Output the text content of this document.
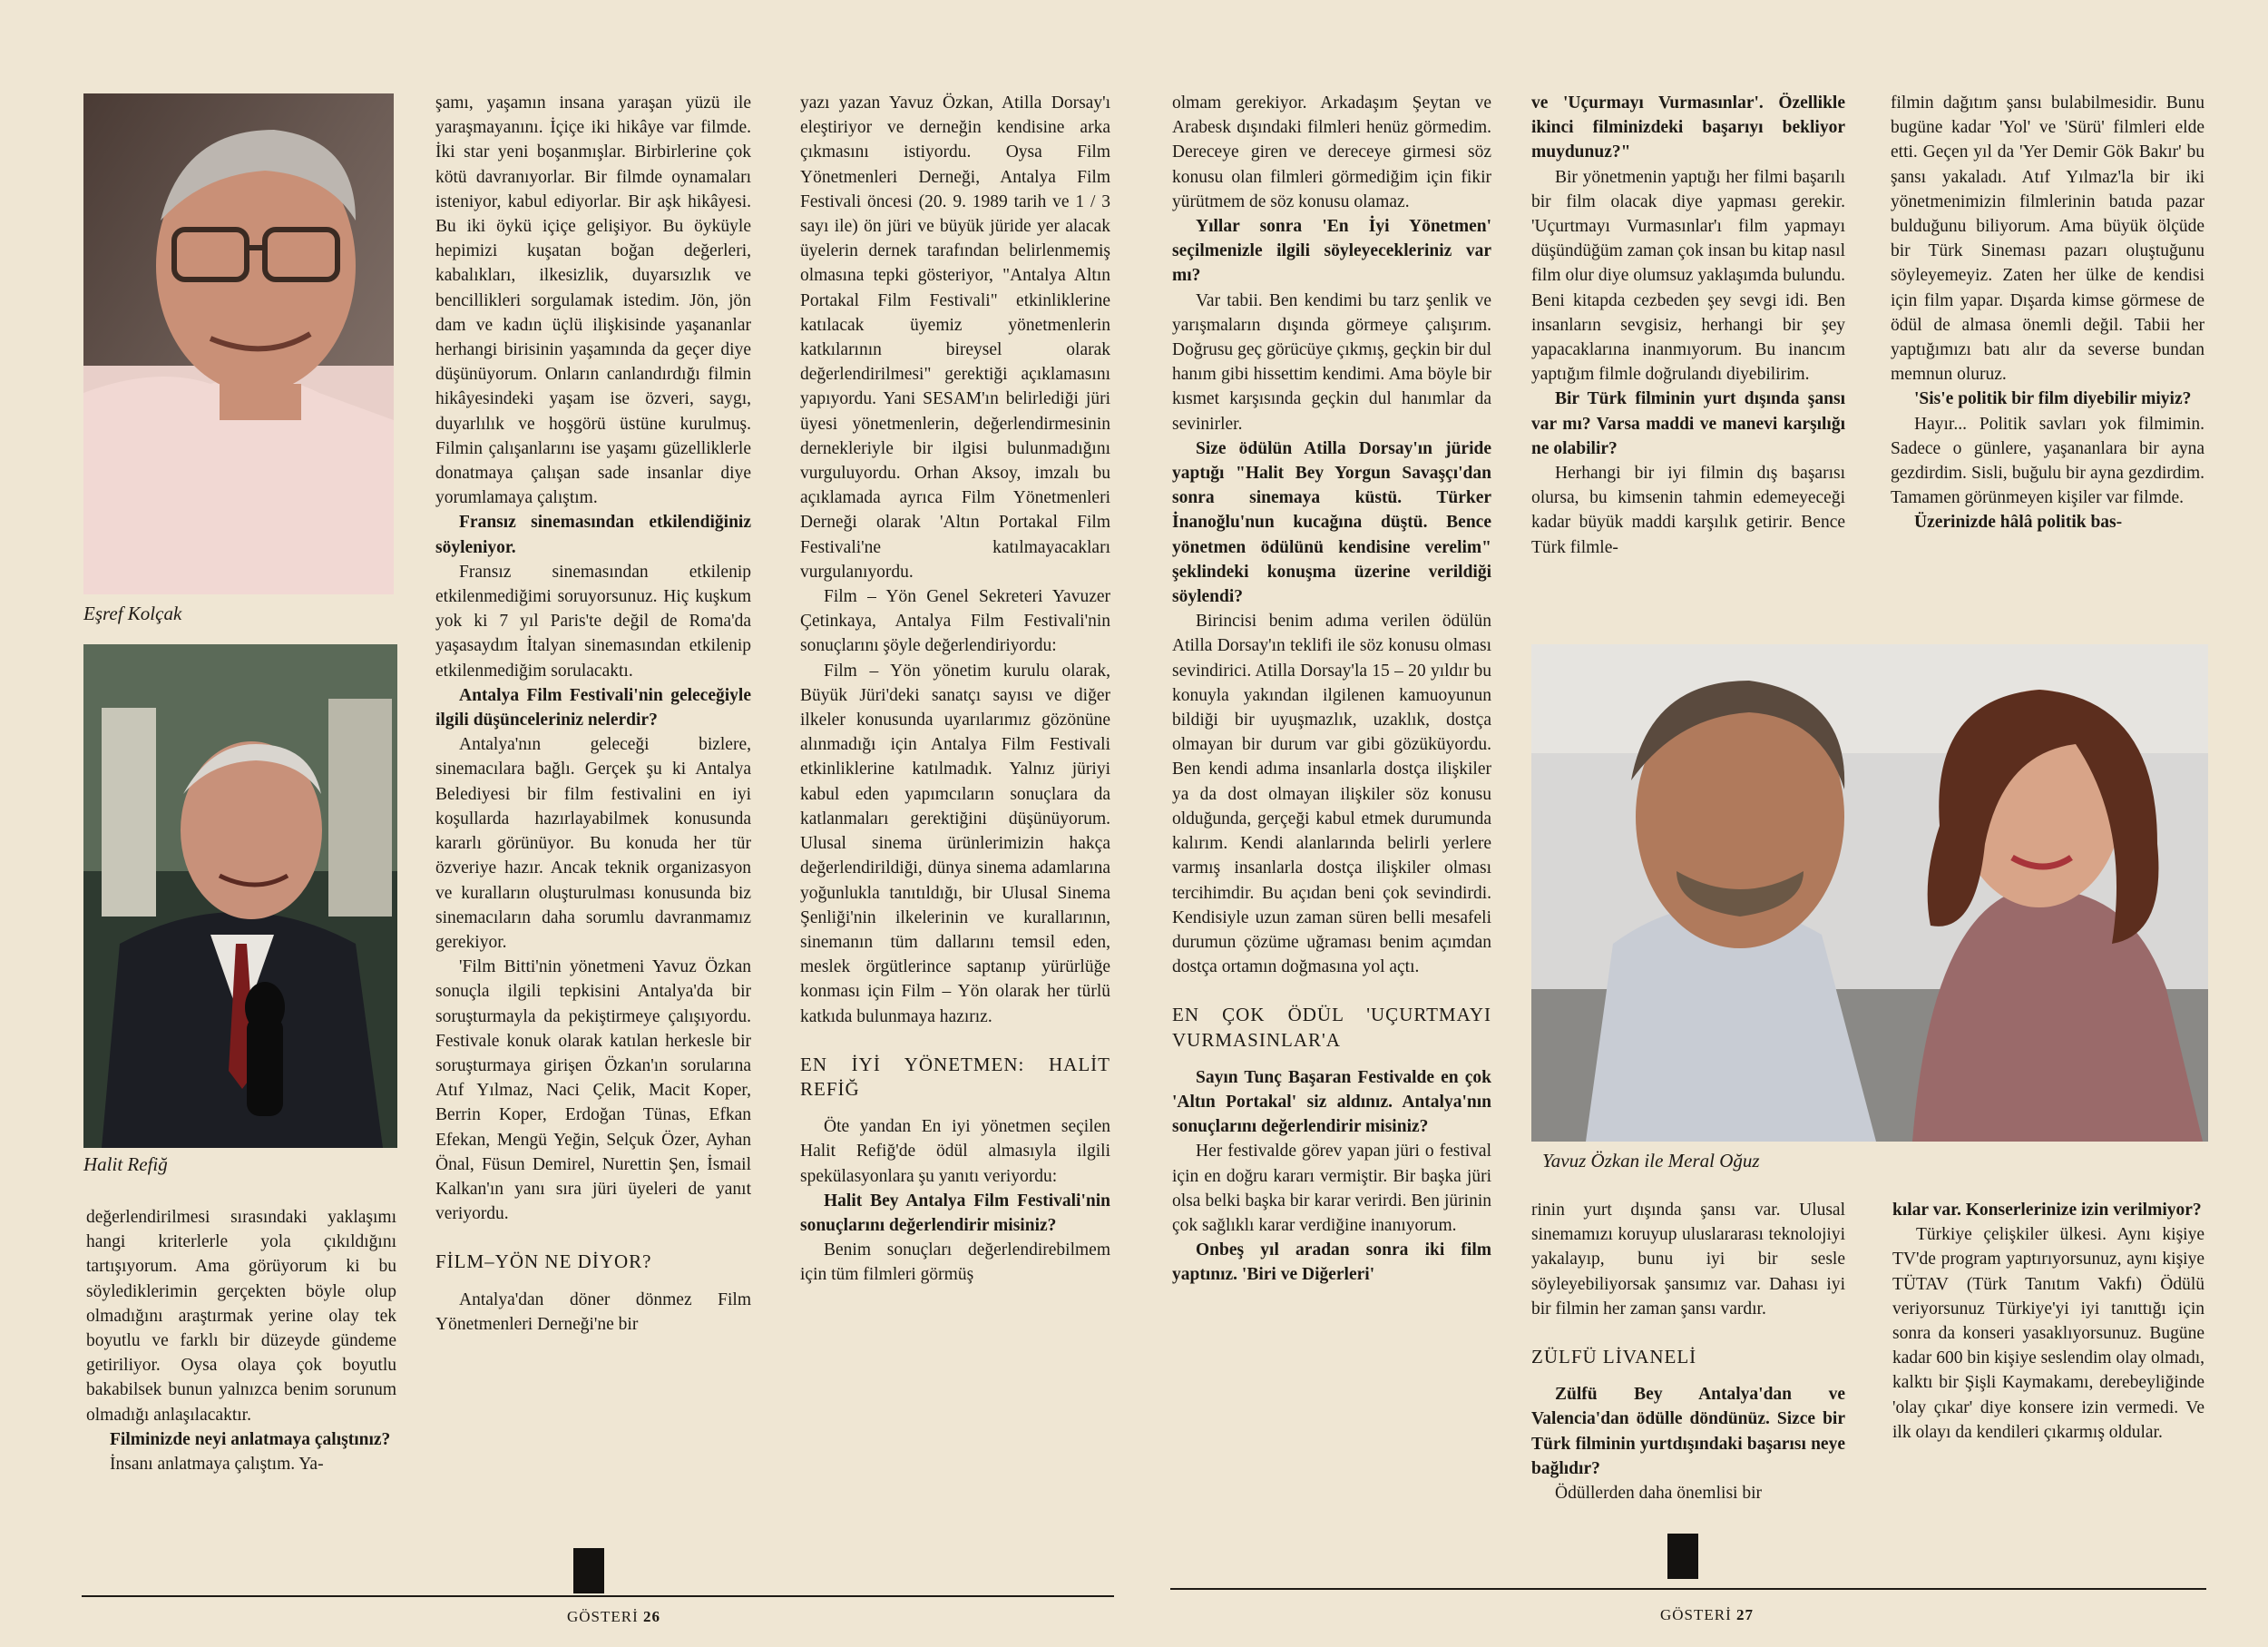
Eşref Kolçak
Halit Refiğ	Yavuz Özkan ile Meral Oğuz

değerlendirilmesi sırasındaki yaklaşımı hangi kriterlerle yola çıkıldığını tartışıyorum. Ama görüyorum ki bu söylediklerimin gerçekten böyle olup olmadığını araştırmak yerine olay tek boyutlu ve farklı bir düzeyde gündeme getiriliyor. Oysa olaya çok boyutlu bakabilsek bunun yalnızca benim sorunum olmadığı anlaşılacaktır.

Filminizde neyi anlatmaya çalıştınız?

İnsanı anlatmaya çalıştım. Ya-

şamı, yaşamın insana yaraşan yüzü ile yaraşmayanını. İçiçe iki hikâye var filmde. İki star yeni boşanmışlar. Birbirlerine çok kötü davranıyorlar. Bir filmde oynamaları isteniyor, kabul ediyorlar. Bir aşk hikâyesi. Bu iki öykü içiçe gelişiyor. Bu öyküyle hepimizi kuşatan boğan değerleri, kabalıkları, ilkesizlik, duyarsızlık ve bencillikleri sorgulamak istedim. Jön, jön dam ve kadın üçlü ilişkisinde yaşananlar herhangi birisinin yaşamında da geçer diye düşünüyorum. Onların canlandırdığı filmin hikâyesindeki yaşam ise özveri, saygı, duyarlılık ve hoşgörü üstüne kurulmuş. Filmin çalışanlarını ise yaşamı güzelliklerle donatmaya çalışan sade insanlar diye yorumlamaya çalıştım.

Fransız sinemasından etkilendiğiniz söyleniyor.

Fransız sinemasından etkilenip etkilenmediğimi soruyorsunuz. Hiç kuşkum yok ki 7 yıl Paris'te değil de Roma'da yaşasaydım İtalyan sinemasından etkilenip etkilenmediğim sorulacaktı.

Antalya Film Festivali'nin geleceğiyle ilgili düşünceleriniz nelerdir?

Antalya'nın geleceği bizlere, sinemacılara bağlı. Gerçek şu ki Antalya Belediyesi bir film festivalini en iyi koşullarda hazırlayabilmek konusunda kararlı görünüyor. Bu konuda her tür özveriye hazır. Ancak teknik organizasyon ve kuralların oluşturulması konusunda biz sinemacıların daha sorumlu davranmamız gerekiyor.

'Film Bitti'nin yönetmeni Yavuz Özkan sonuçla ilgili tepkisini Antalya'da bir soruşturmayla da pekiştirmeye çalışıyordu. Festivale konuk olarak katılan herkesle bir soruşturmaya girişen Özkan'ın sorularına Atıf Yılmaz, Naci Çelik, Macit Koper, Berrin Koper, Erdoğan Tünas, Efkan Efekan, Mengü Yeğin, Selçuk Özer, Ayhan Önal, Füsun Demirel, Nurettin Şen, İsmail Kalkan'ın yanı sıra jüri üyeleri de yanıt veriyordu.

FİLM–YÖN NE DİYOR?

Antalya'dan döner dönmez Film Yönetmenleri Derneği'ne bir

yazı yazan Yavuz Özkan, Atilla Dorsay'ı eleştiriyor ve derneğin kendisine arka çıkmasını istiyordu. Oysa Film Yönetmenleri Derneği, Antalya Film Festivali öncesi (20. 9. 1989 tarih ve 1 / 3 sayı ile) ön jüri ve büyük jüride yer alacak üyelerin dernek tarafından belirlenmemiş olmasına tepki gösteriyor, "Antalya Altın Portakal Film Festivali" etkinliklerine katılacak üyemiz yönetmenlerin katkılarının bireysel olarak değerlendirilmesi" gerektiği açıklamasını yapıyordu. Yani SESAM'ın belirlediği jüri üyesi yönetmenlerin, değerlendirmesinin dernekleriyle bir ilgisi bulunmadığını vurguluyordu. Orhan Aksoy, imzalı bu açıklamada ayrıca Film Yönetmenleri Derneği olarak 'Altın Portakal Film Festivali'ne katılmayacakları vurgulanıyordu.

Film – Yön Genel Sekreteri Yavuzer Çetinkaya, Antalya Film Festivali'nin sonuçlarını şöyle değerlendiriyordu:

Film – Yön yönetim kurulu olarak, Büyük Jüri'deki sanatçı sayısı ve diğer ilkeler konusunda uyarılarımız gözönüne alınmadığı için Antalya Film Festivali etkinliklerine katılmadık. Yalnız jüriyi kabul eden yapımcıların sonuçlara da katlanmaları gerektiğini düşünüyorum. Ulusal sinema ürünlerimizin hakça değerlendirildiği, dünya sinema adamlarına yoğunlukla tanıtıldığı, bir Ulusal Sinema Şenliği'nin ilkelerinin ve kurallarının, sinemanın tüm dallarını temsil eden, meslek örgütlerince saptanıp yürürlüğe konması için Film – Yön olarak her türlü katkıda bulunmaya hazırız.

EN İYİ YÖNETMEN: HALİT REFİĞ

Öte yandan En iyi yönetmen seçilen Halit Refiğ'de ödül almasıyla ilgili spekülasyonlara şu yanıtı veriyordu:

Halit Bey Antalya Film Festivali'nin sonuçlarını değerlendirir misiniz?

Benim sonuçları değerlendirebilmem için tüm filmleri görmüş

olmam gerekiyor. Arkadaşım Şeytan ve Arabesk dışındaki filmleri henüz görmedim. Dereceye giren ve dereceye girmesi söz konusu olan filmleri görmediğim için fikir yürütmem de söz konusu olamaz.

Yıllar sonra 'En İyi Yönetmen' seçilmenizle ilgili söyleyecekleriniz var mı?

Var tabii. Ben kendimi bu tarz şenlik ve yarışmaların dışında görmeye çalışırım. Doğrusu geç görücüye çıkmış, geçkin bir dul hanım gibi hissettim kendimi. Ama böyle bir kısmet karşısında geçkin dul hanımlar da sevinirler.

Size ödülün Atilla Dorsay'ın jüride yaptığı "Halit Bey Yorgun Savaşçı'dan sonra sinemaya küstü. Türker İnanoğlu'nun kucağına düştü. Bence yönetmen ödülünü kendisine verelim" şeklindeki konuşma üzerine verildiği söylendi?

Birincisi benim adıma verilen ödülün Atilla Dorsay'ın teklifi ile söz konusu olması sevindirici. Atilla Dorsay'la 15 – 20 yıldır bu konuyla yakından ilgilenen kamuoyunun bildiği bir uyuşmazlık, uzaklık, dostça olmayan bir durum var gibi gözüküyordu. Ben kendi adıma insanlarla dostça ilişkiler ya da dost olmayan ilişkiler söz konusu olduğunda, gerçeği kabul etmek durumunda kalırım. Kendi alanlarında belirli yerlere varmış insanlarla dostça ilişkiler olması tercihimdir. Bu açıdan beni çok sevindirdi. Kendisiyle uzun zaman süren belli mesafeli durumun çözüme uğraması benim açımdan dostça ortamın doğmasına yol açtı.

EN ÇOK ÖDÜL 'UÇURTMAYI VURMASINLAR'A

Sayın Tunç Başaran Festivalde en çok 'Altın Portakal' siz aldınız. Antalya'nın sonuçlarını değerlendirir misiniz?

Her festivalde görev yapan jüri o festival için en doğru kararı vermiştir. Bir başka jüri olsa belki başka bir karar verirdi. Ben jürinin çok sağlıklı karar verdiğine inanıyorum.

Onbeş yıl aradan sonra iki film yaptınız. 'Biri ve Diğerleri'

ve 'Uçurmayı Vurmasınlar'. Özellikle ikinci filminizdeki başarıyı bekliyor muydunuz?"

Bir yönetmenin yaptığı her filmi başarılı bir film olacak diye yapması gerekir. 'Uçurtmayı Vurmasınlar'ı film yapmayı düşündüğüm zaman çok insan bu kitap nasıl film olur diye olumsuz yaklaşımda bulundu. Beni kitapda cezbeden şey sevgi idi. Ben insanların sevgisiz, herhangi bir şey yapacaklarına inanmıyorum. Bu inancım yaptığım filmle doğrulandı diyebilirim.

Bir Türk filminin yurt dışında şansı var mı? Varsa maddi ve manevi karşılığı ne olabilir?

Herhangi bir iyi filmin dış başarısı olursa, bu kimsenin tahmin edemeyeceği kadar büyük maddi karşılık getirir. Bence Türk filmle-

filmin dağıtım şansı bulabilmesidir. Bunu bugüne kadar 'Yol' ve 'Sürü' filmleri elde etti. Geçen yıl da 'Yer Demir Gök Bakır' bu şansı yakaladı. Atıf Yılmaz'la bir iki yönetmenimizin filmlerinin batıda pazar bulduğunu biliyorum. Ama büyük ölçüde bir Türk Sineması pazarı oluştuğunu söyleyemeyiz. Zaten her ülke de kendisi için film yapar. Dışarda kimse görmese de ödül de almasa önemli değil. Tabii her yaptığımızı batı alır da severse bundan memnun oluruz.

'Sis'e politik bir film diyebilir miyiz?

Hayır... Politik savları yok filmimin. Sadece o günlere, yaşananlara bir ayna gezdirdim. Sisli, buğulu bir ayna gezdirdim. Tamamen görünmeyen kişiler var filmde.

Üzerinizde hâlâ politik bas-

rinin yurt dışında şansı var. Ulusal sinemamızı koruyup uluslararası teknolojiyi yakalayıp, bunu iyi bir sesle söyleyebiliyorsak şansımız var. Dahası iyi bir filmin her zaman şansı vardır.

ZÜLFÜ LİVANELİ

Zülfü Bey Antalya'dan ve Valencia'dan ödülle döndünüz. Sizce bir Türk filminin yurtdışındaki başarısı neye bağlıdır?

Ödüllerden daha önemlisi bir

kılar var. Konserlerinize izin verilmiyor?

Türkiye çelişkiler ülkesi. Aynı kişiye TV'de program yaptırıyorsunuz, aynı kişiye TÜTAV (Türk Tanıtım Vakfı) Ödülü veriyorsunuz Türkiye'yi iyi tanıttığı için sonra da konseri yasaklıyorsunuz. Bugüne kadar 600 bin kişiye seslendim olay olmadı, kalktı bir Şişli Kaymakamı, derebeyliğinde 'olay çıkar' diye konsere izin vermedi. Ve ilk olayı da kendileri çıkarmış oldular.

GÖSTERİ 26	GÖSTERİ 27
